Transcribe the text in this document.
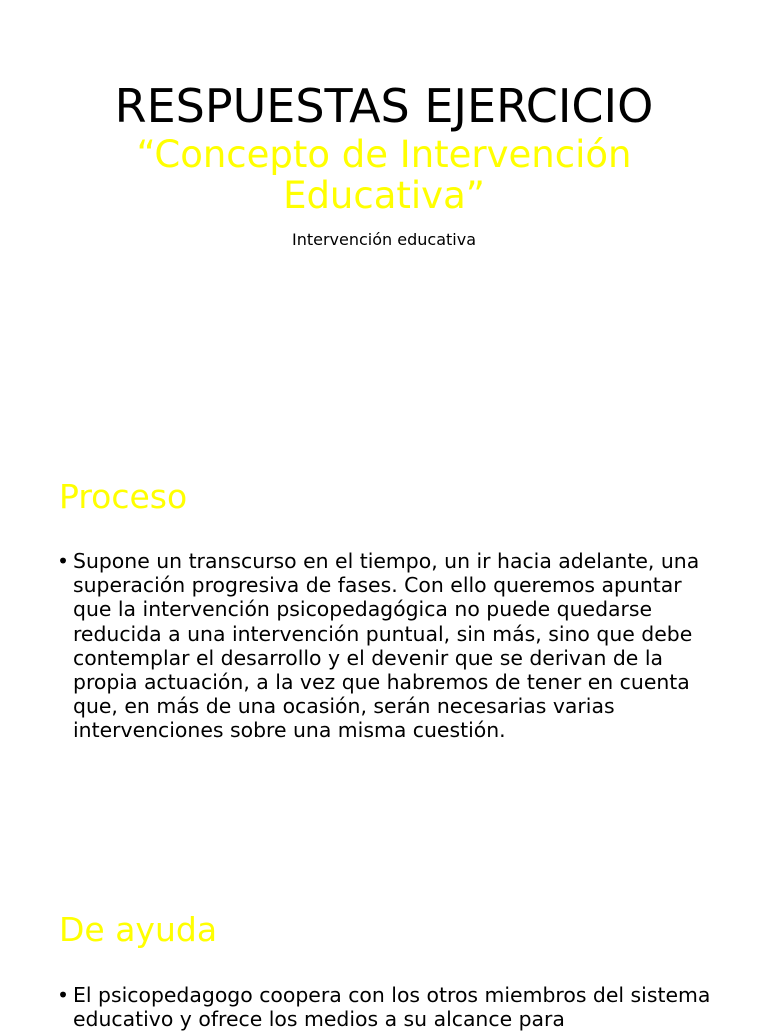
RESPUESTAS EJERCICIO
“Concepto de Intervención
Educativa”

Intervención educativa

Proceso
• Supone un transcurso en el tiempo, un ir hacia adelante, una superación progresiva de fases. Con ello queremos apuntar que la intervención psicopedagógica no puede quedarse reducida a una intervención puntual, sin más, sino que debe contemplar el desarrollo y el devenir que se derivan de la propia actuación, a la vez que habremos de tener en cuenta que, en más de una ocasión, serán necesarias varias intervenciones sobre una misma cuestión.
De ayuda
• El psicopedagogo coopera con los otros miembros del sistema educativo y ofrece los medios a su alcance para
